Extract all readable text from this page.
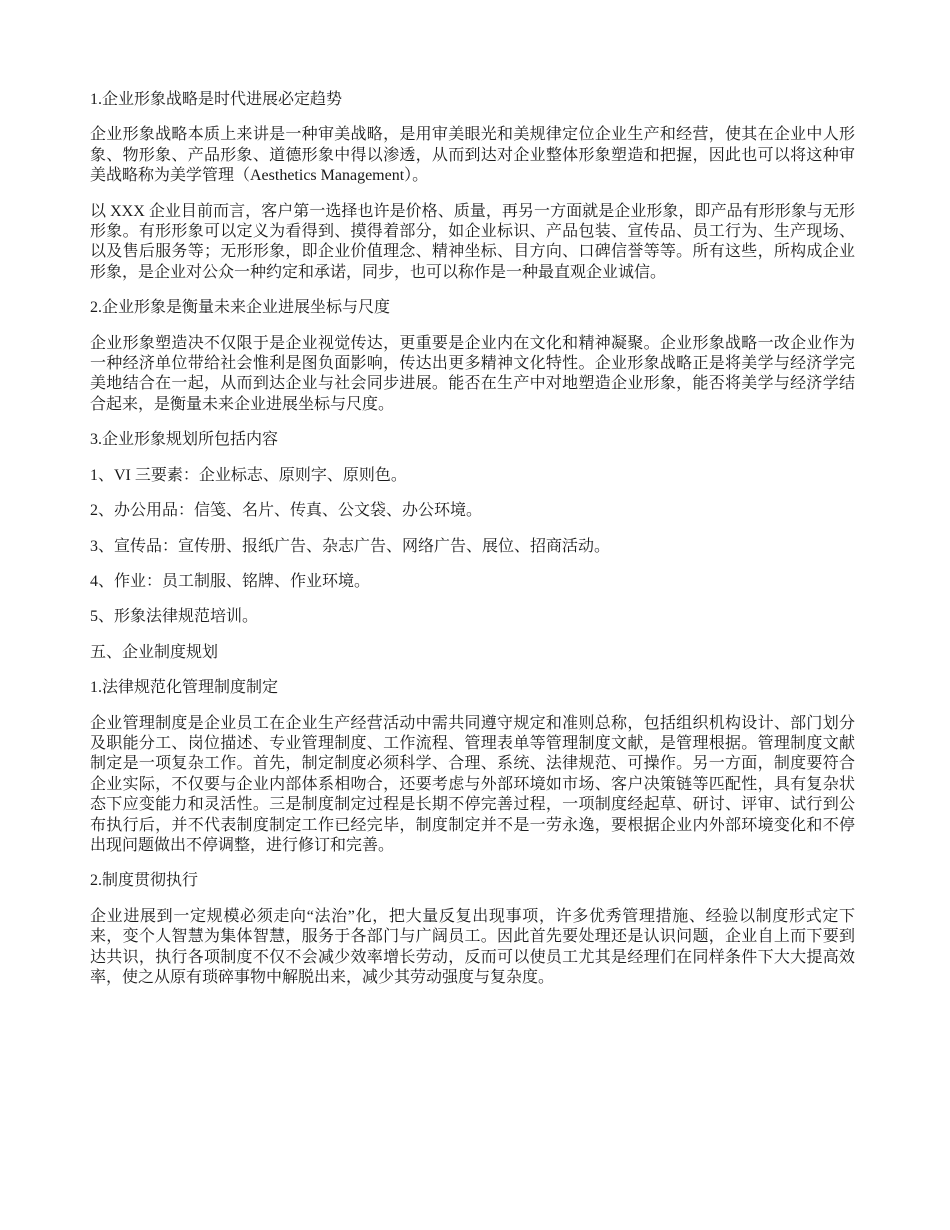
1.企业形象战略是时代进展必定趋势

企业形象战略本质上来讲是一种审美战略，是用审美眼光和美规律定位企业生产和经营，使其在企业中人形象、物形象、产品形象、道德形象中得以渗透，从而到达对企业整体形象塑造和把握，因此也可以将这种审美战略称为美学管理（Aesthetics Management）。

以 XXX 企业目前而言，客户第一选择也许是价格、质量，再另一方面就是企业形象，即产品有形形象与无形形象。有形形象可以定义为看得到、摸得着部分，如企业标识、产品包装、宣传品、员工行为、生产现场、以及售后服务等；无形形象，即企业价值理念、精神坐标、目方向、口碑信誉等等。所有这些，所构成企业形象，是企业对公众一种约定和承诺，同步，也可以称作是一种最直观企业诚信。

2.企业形象是衡量未来企业进展坐标与尺度

企业形象塑造决不仅限于是企业视觉传达，更重要是企业内在文化和精神凝聚。企业形象战略一改企业作为一种经济单位带给社会惟利是图负面影响，传达出更多精神文化特性。企业形象战略正是将美学与经济学完美地结合在一起，从而到达企业与社会同步进展。能否在生产中对地塑造企业形象，能否将美学与经济学结合起来，是衡量未来企业进展坐标与尺度。

3.企业形象规划所包括内容

1、VI 三要素：企业标志、原则字、原则色。

2、办公用品：信笺、名片、传真、公文袋、办公环境。

3、宣传品：宣传册、报纸广告、杂志广告、网络广告、展位、招商活动。

4、作业：员工制服、铭牌、作业环境。

5、形象法律规范培训。

五、企业制度规划

1.法律规范化管理制度制定

企业管理制度是企业员工在企业生产经营活动中需共同遵守规定和准则总称，包括组织机构设计、部门划分及职能分工、岗位描述、专业管理制度、工作流程、管理表单等管理制度文献，是管理根据。管理制度文献制定是一项复杂工作。首先，制定制度必须科学、合理、系统、法律规范、可操作。另一方面，制度要符合企业实际，不仅要与企业内部体系相吻合，还要考虑与外部环境如市场、客户决策链等匹配性，具有复杂状态下应变能力和灵活性。三是制度制定过程是长期不停完善过程，一项制度经起草、研讨、评审、试行到公布执行后，并不代表制度制定工作已经完毕，制度制定并不是一劳永逸，要根据企业内外部环境变化和不停出现问题做出不停调整，进行修订和完善。

2.制度贯彻执行

企业进展到一定规模必须走向“法治”化，把大量反复出现事项，许多优秀管理措施、经验以制度形式定下来，变个人智慧为集体智慧，服务于各部门与广阔员工。因此首先要处理还是认识问题，企业自上而下要到达共识，执行各项制度不仅不会减少效率增长劳动，反而可以使员工尤其是经理们在同样条件下大大提高效率，使之从原有琐碎事物中解脱出来，减少其劳动强度与复杂度。
